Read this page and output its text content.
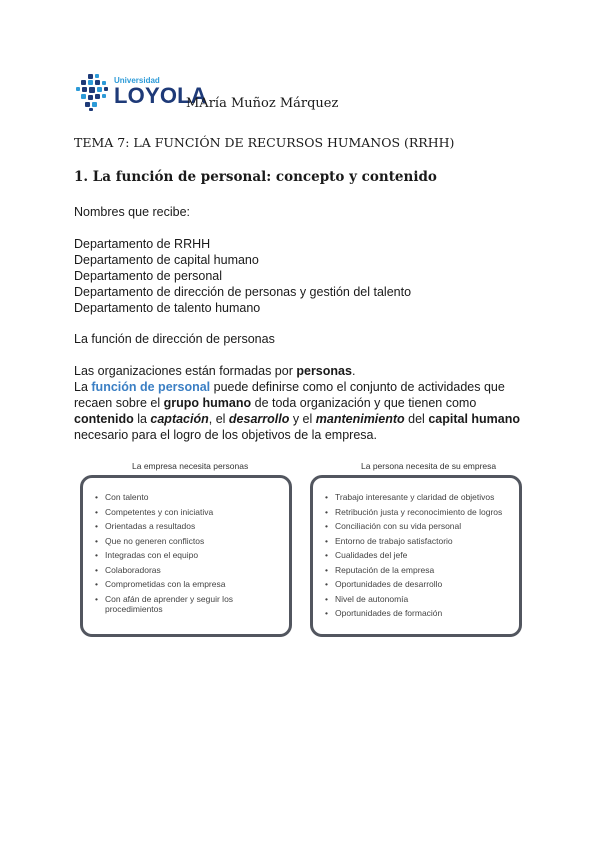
Universidad
LOYOLA
MAría Muñoz Márquez
TEMA 7: LA FUNCIÓN DE RECURSOS HUMANOS (RRHH)
1. La función de personal: concepto y contenido
Nombres que recibe:
Departamento de RRHH
Departamento de capital humano
Departamento de personal
Departamento de dirección de personas y gestión del talento
Departamento de talento humano
La función de dirección de personas
Las organizaciones están formadas por personas.
La función de personal puede definirse como el conjunto de actividades que recaen sobre el grupo humano de toda organización y que tienen como contenido la captación, el desarrollo y el mantenimiento del capital humano necesario para el logro de los objetivos de la empresa.
La empresa necesita personas
• Con talento
• Competentes y con iniciativa
• Orientadas a resultados
• Que no generen conflictos
• Integradas con el equipo
• Colaboradoras
• Comprometidas con la empresa
• Con afán de aprender y seguir los procedimientos
La persona necesita de su empresa
• Trabajo interesante y claridad de objetivos
• Retribución justa y reconocimiento de logros
• Conciliación con su vida personal
• Entorno de trabajo satisfactorio
• Cualidades del jefe
• Reputación de la empresa
• Oportunidades de desarrollo
• Nivel de autonomía
• Oportunidades de formación
